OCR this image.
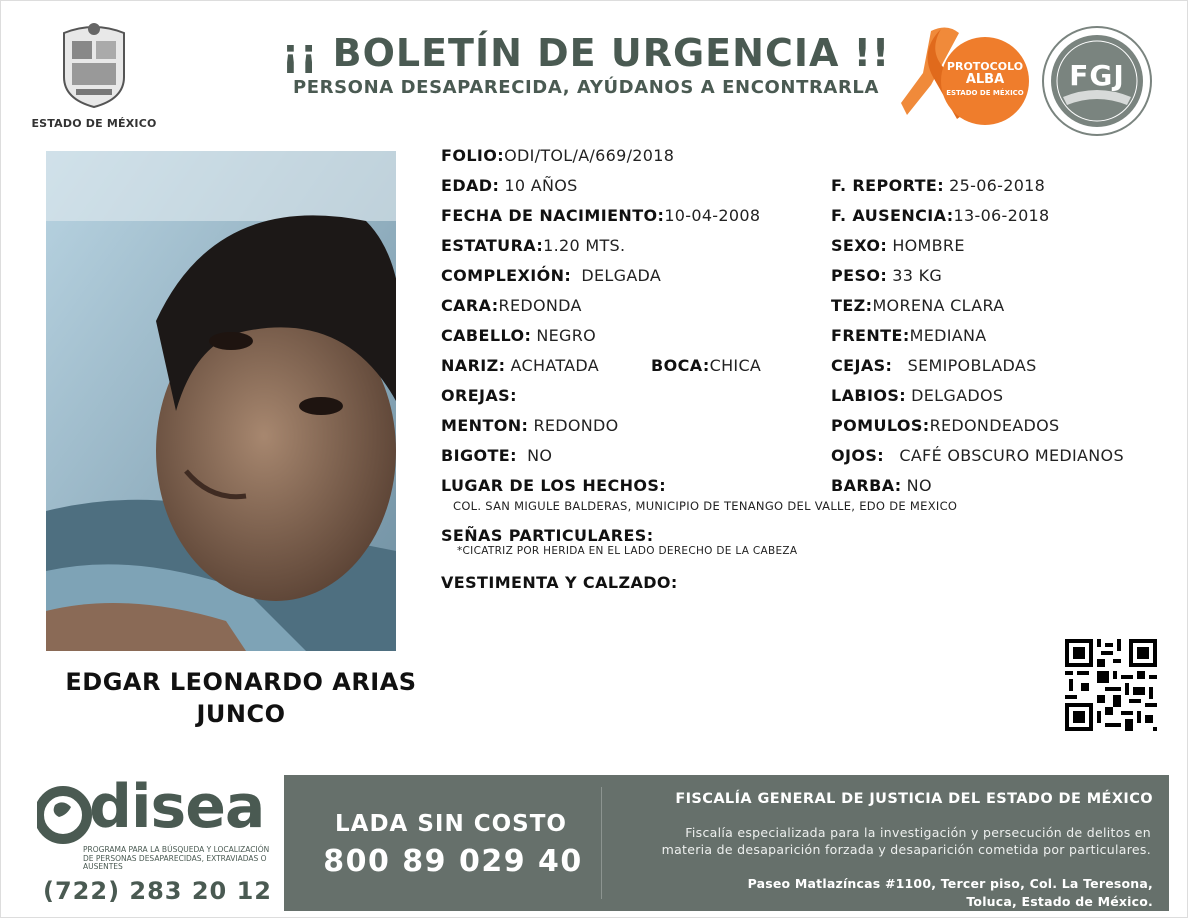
ESTADO DE MÉXICO
¡¡ BOLETÍN DE URGENCIA !!
PERSONA DESAPARECIDA, AYÚDANOS A ENCONTRARLA
PROTOCOLO
ALBA
ESTADO DE MÉXICO
FGJ
EDGAR LEONARDO ARIAS
JUNCO
FOLIO:ODI/TOL/A/669/2018
EDAD: 10 AÑOS
FECHA DE NACIMIENTO:10-04-2008
ESTATURA:1.20 MTS.
COMPLEXIÓN: DELGADA
CARA:REDONDA
CABELLO: NEGRO
NARIZ: ACHATADA	BOCA:CHICA
OREJAS:
MENTON: REDONDO
BIGOTE: NO
LUGAR DE LOS HECHOS:
COL. SAN MIGULE BALDERAS, MUNICIPIO DE TENANGO DEL VALLE, EDO DE MEXICO
SEÑAS PARTICULARES:
*CICATRIZ POR HERIDA EN EL LADO DERECHO DE LA CABEZA
VESTIMENTA Y CALZADO:
F. REPORTE: 25-06-2018
F. AUSENCIA:13-06-2018
SEXO: HOMBRE
PESO: 33 KG
TEZ:MORENA CLARA
FRENTE:MEDIANA
CEJAS: SEMIPOBLADAS
LABIOS: DELGADOS
POMULOS:REDONDEADOS
OJOS: CAFÉ OBSCURO MEDIANOS
BARBA: NO
disea
PROGRAMA PARA LA BÚSQUEDA Y LOCALIZACIÓN DE PERSONAS DESAPARECIDAS, EXTRAVIADAS O AUSENTES
(722) 283 20 12
LADA SIN COSTO
800 89 029 40
FISCALÍA GENERAL DE JUSTICIA DEL ESTADO DE MÉXICO
Fiscalía especializada para la investigación y persecución de delitos en
materia de desaparición forzada y desaparición cometida por particulares.
Paseo Matlazíncas #1100, Tercer piso, Col. La Teresona,
Toluca, Estado de México.
